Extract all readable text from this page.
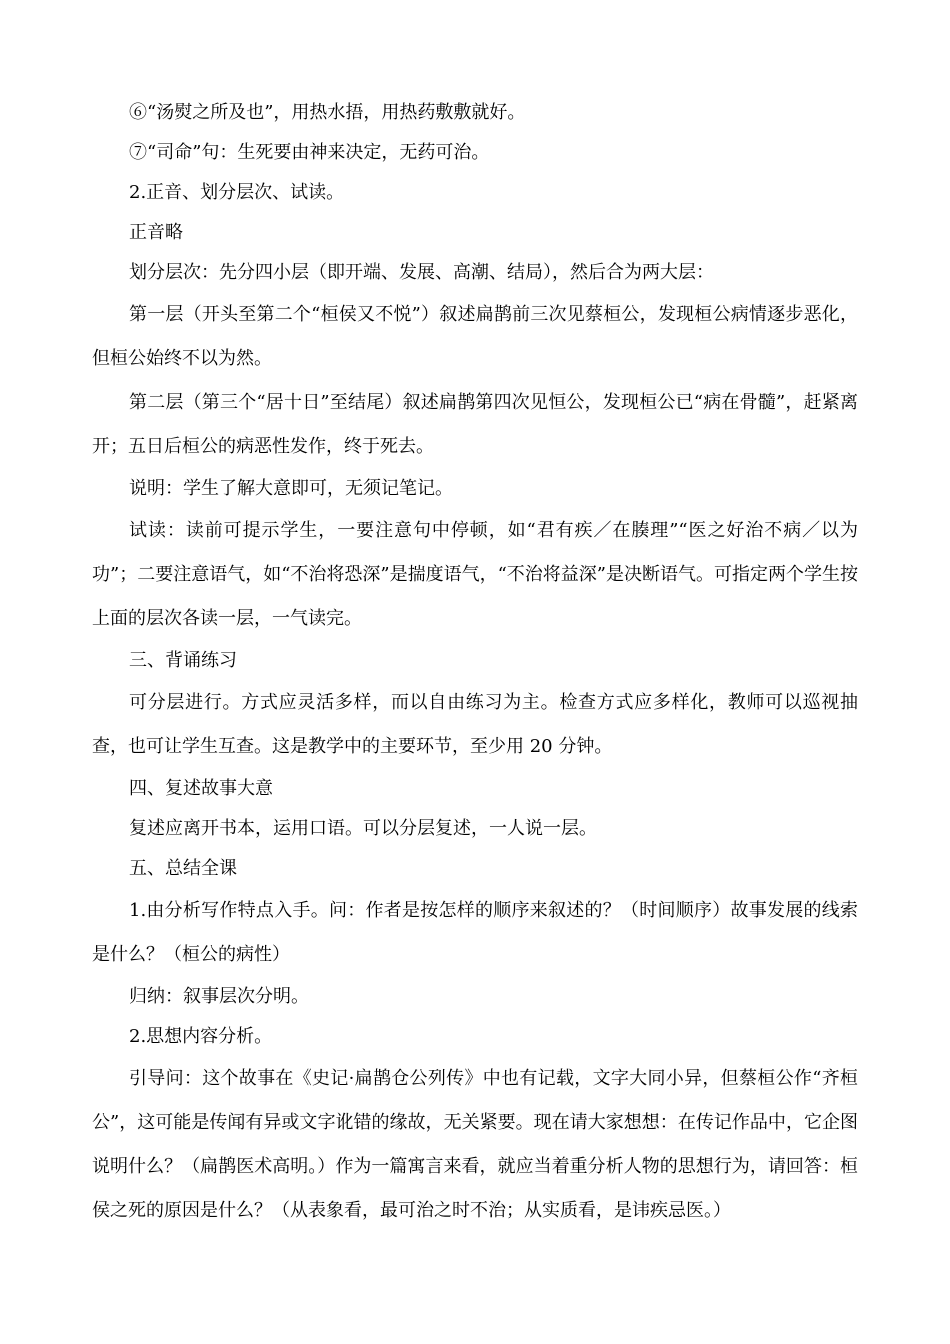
⑥“汤熨之所及也”，用热水捂，用热药敷敷就好。

⑦“司命”句：生死要由神来决定，无药可治。

2.正音、划分层次、试读。

正音略

划分层次：先分四小层（即开端、发展、高潮、结局），然后合为两大层：

第一层（开头至第二个“桓侯又不悦”）叙述扁鹊前三次见蔡桓公，发现桓公病情逐步恶化，但桓公始终不以为然。

第二层（第三个“居十日”至结尾）叙述扁鹊第四次见恒公，发现桓公已“病在骨髓”，赶紧离开；五日后桓公的病恶性发作，终于死去。

说明：学生了解大意即可，无须记笔记。

试读：读前可提示学生，一要注意句中停顿，如“君有疾／在腠理”“医之好治不病／以为功”；二要注意语气，如“不治将恐深”是揣度语气，“不治将益深”是决断语气。可指定两个学生按上面的层次各读一层，一气读完。

三、背诵练习

可分层进行。方式应灵活多样，而以自由练习为主。检查方式应多样化，教师可以巡视抽查，也可让学生互查。这是教学中的主要环节，至少用 20 分钟。

四、复述故事大意

复述应离开书本，运用口语。可以分层复述，一人说一层。

五、总结全课

1.由分析写作特点入手。问：作者是按怎样的顺序来叙述的？（时间顺序）故事发展的线索是什么？（桓公的病性）

归纳：叙事层次分明。

2.思想内容分析。

引导问：这个故事在《史记·扁鹊仓公列传》中也有记载，文字大同小异，但蔡桓公作“齐桓公”，这可能是传闻有异或文字讹错的缘故，无关紧要。现在请大家想想：在传记作品中，它企图说明什么？（扁鹊医术高明。）作为一篇寓言来看，就应当着重分析人物的思想行为，请回答：桓侯之死的原因是什么？（从表象看，最可治之时不治；从实质看，是讳疾忌医。）
